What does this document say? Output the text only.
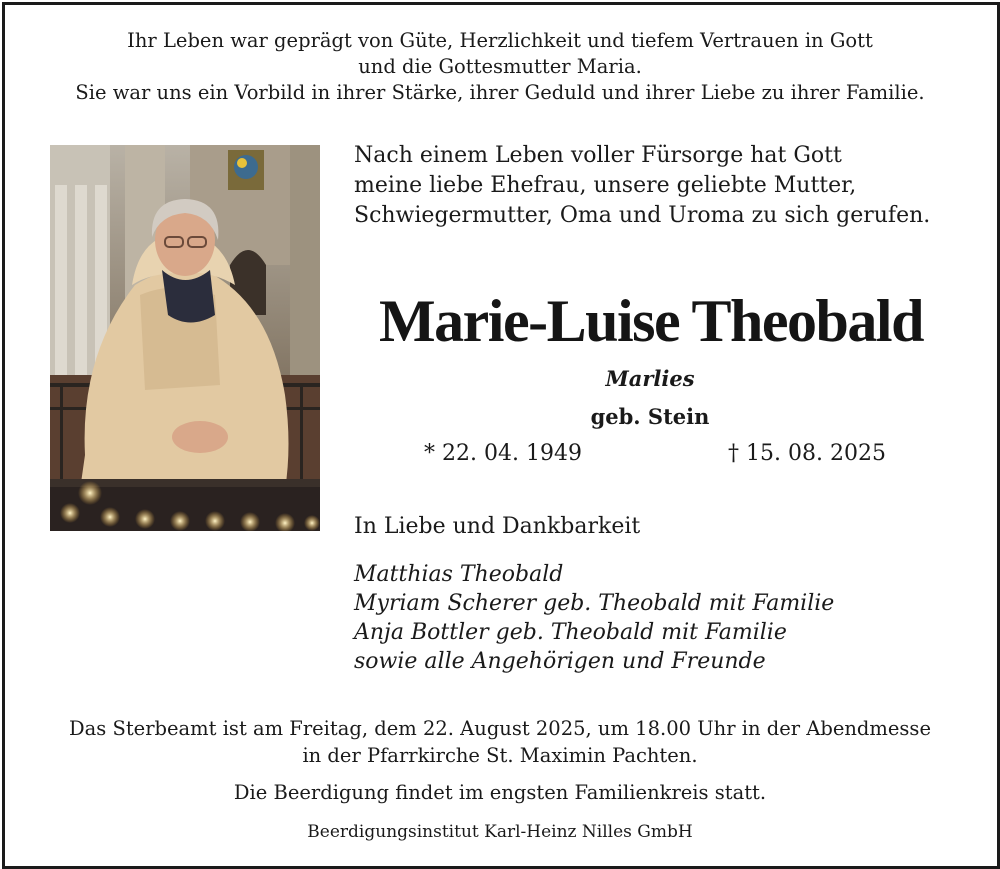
Ihr Leben war geprägt von Güte, Herzlichkeit und tiefem Vertrauen in Gott
und die Gottesmutter Maria.
Sie war uns ein Vorbild in ihrer Stärke, ihrer Geduld und ihrer Liebe zu ihrer Familie.
Nach einem Leben voller Fürsorge hat Gott
meine liebe Ehefrau, unsere geliebte Mutter,
Schwiegermutter, Oma und Uroma zu sich gerufen.
Marie-Luise Theobald
Marlies
geb. Stein
* 22. 04. 1949	† 15. 08. 2025
In Liebe und Dankbarkeit
Matthias Theobald
Myriam Scherer geb. Theobald mit Familie
Anja Bottler geb. Theobald mit Familie
sowie alle Angehörigen und Freunde
Das Sterbeamt ist am Freitag, dem 22. August 2025, um 18.00 Uhr in der Abendmesse
in der Pfarrkirche St. Maximin Pachten.
Die Beerdigung findet im engsten Familienkreis statt.
Beerdigungsinstitut Karl-Heinz Nilles GmbH
